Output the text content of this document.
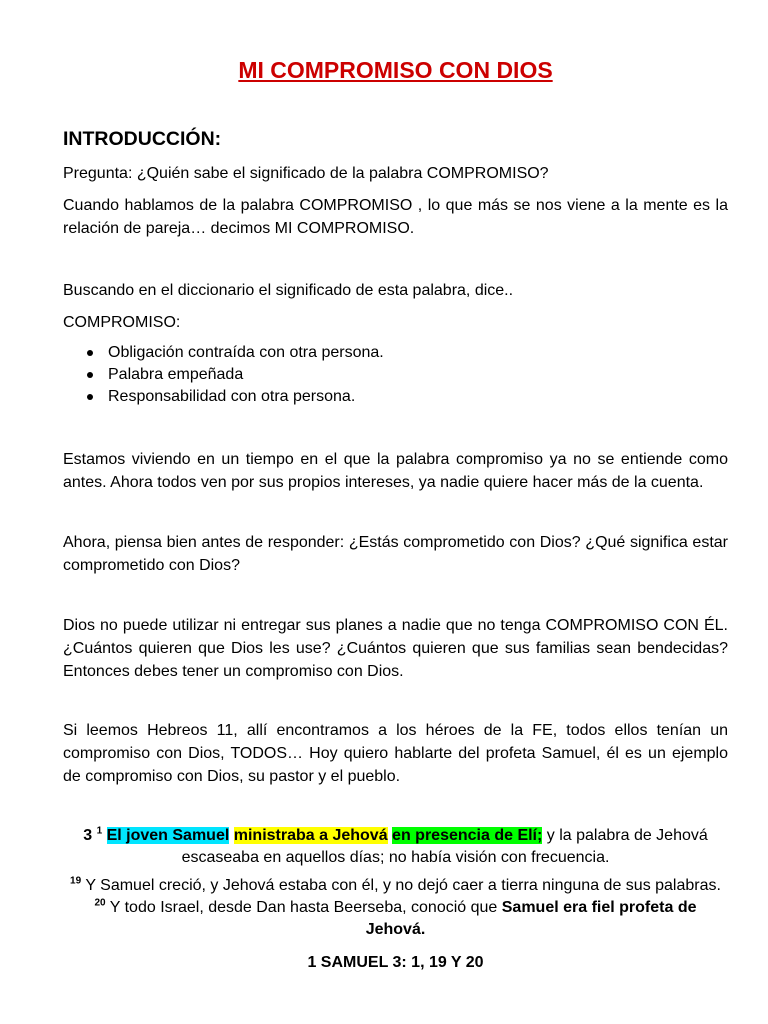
MI COMPROMISO CON DIOS
INTRODUCCIÓN:

Pregunta: ¿Quién sabe el significado de la palabra COMPROMISO?

Cuando hablamos de la palabra COMPROMISO , lo que más se nos viene a la mente es la relación de pareja… decimos MI COMPROMISO.

Buscando en el diccionario el significado de esta palabra, dice..

COMPROMISO:

Obligación contraída con otra persona.
Palabra empeñada
Responsabilidad con otra persona.

Estamos viviendo en un tiempo en el que la palabra compromiso ya no se entiende como antes. Ahora todos ven por sus propios intereses, ya nadie quiere hacer más de la cuenta.

Ahora, piensa bien antes de responder: ¿Estás comprometido con Dios? ¿Qué significa estar comprometido con Dios?

Dios no puede utilizar ni entregar sus planes a nadie que no tenga COMPROMISO CON ÉL. ¿Cuántos quieren que Dios les use? ¿Cuántos quieren que sus familias sean bendecidas? Entonces debes tener un compromiso con Dios.

Si leemos Hebreos 11, allí encontramos a los héroes de la FE, todos ellos tenían un compromiso con Dios, TODOS… Hoy quiero hablarte del profeta Samuel, él es un ejemplo de compromiso con Dios, su pastor y el pueblo.

3 $^1$ El joven Samuel ministraba a Jehová en presencia de Elí; y la palabra de Jehová escaseaba en aquellos días; no había visión con frecuencia.

$^{19}$ Y Samuel creció, y Jehová estaba con él, y no dejó caer a tierra ninguna de sus palabras. $^{20}$ Y todo Israel, desde Dan hasta Beerseba, conoció que Samuel era fiel profeta de Jehová.

1 SAMUEL 3: 1, 19 Y 20
